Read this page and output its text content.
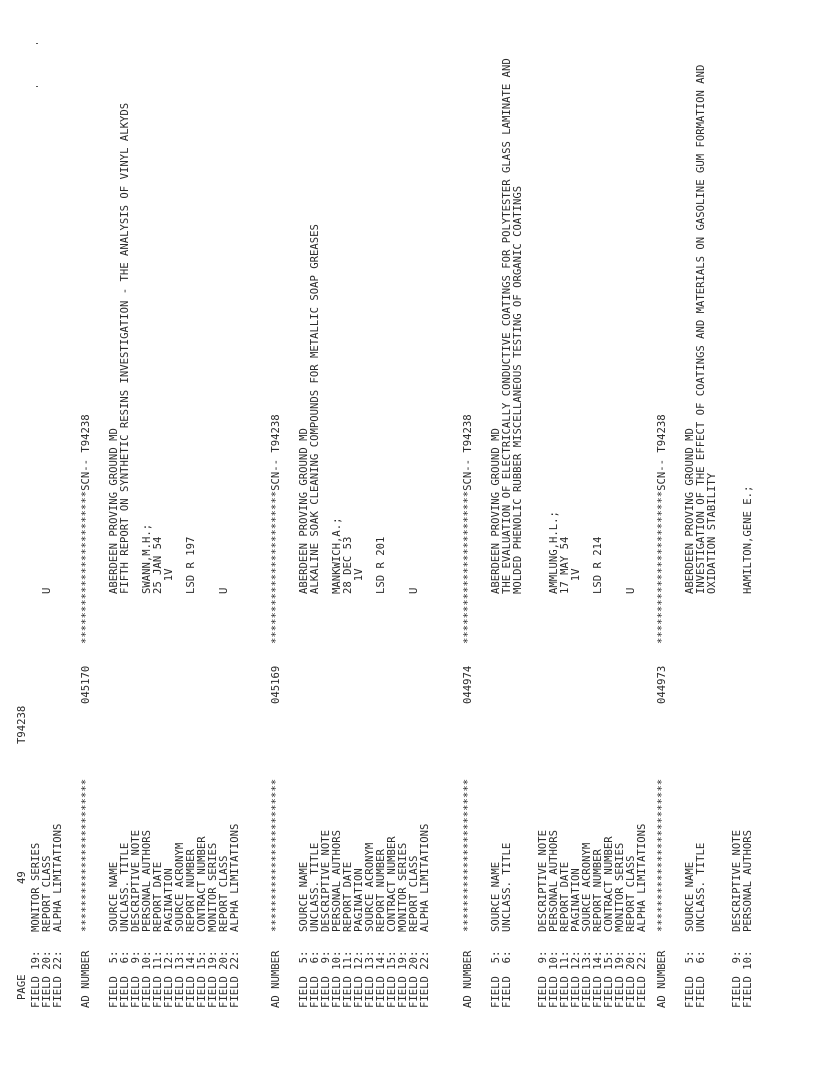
PAGE
49
T94238
FIELD 19:
MONITOR SERIES
FIELD 20:
REPORT CLASS
U
FIELD 22:
ALPHA LIMITATIONS
AD NUMBER
************************
045170
************************SCN-- T94238
FIELD  5:
SOURCE NAME
ABERDEEN PROVING GROUND MD
FIELD  6:
UNCLASS. TITLE
FIFTH REPORT ON SYNTHETIC RESINS INVESTIGATION - THE ANALYSIS OF VINYL ALKYDS
FIELD  9:
DESCRIPTIVE NOTE
FIELD 10:
PERSONAL AUTHORS
SWANN,M.H.;
FIELD 11:
REPORT DATE
25 JAN 54
FIELD 12:
PAGINATION
1V
FIELD 13:
SOURCE ACRONYM
FIELD 14:
REPORT NUMBER
LSD R 197
FIELD 15:
CONTRACT NUMBER
FIELD 19:
MONITOR SERIES
FIELD 20:
REPORT CLASS
U
FIELD 22:
ALPHA LIMITATIONS
AD NUMBER
************************
045169
************************SCN-- T94238
FIELD  5:
SOURCE NAME
ABERDEEN PROVING GROUND MD
FIELD  6:
UNCLASS. TITLE
ALKALINE SOAK CLEANING COMPOUNDS FOR METALLIC SOAP GREASES
FIELD  9:
DESCRIPTIVE NOTE
FIELD 10:
PERSONAL AUTHORS
MANKWICH,A.;
FIELD 11:
REPORT DATE
28 DEC 53
FIELD 12:
PAGINATION
1V
FIELD 13:
SOURCE ACRONYM
FIELD 14:
REPORT NUMBER
LSD R 201
FIELD 15:
CONTRACT NUMBER
FIELD 19:
MONITOR SERIES
FIELD 20:
REPORT CLASS
U
FIELD 22:
ALPHA LIMITATIONS
AD NUMBER
************************
044974
************************SCN-- T94238
FIELD  5:
SOURCE NAME
ABERDEEN PROVING GROUND MD
FIELD  6:
UNCLASS. TITLE
THE EVALUATION OF ELECTRICALLY CONDUCTIVE COATINGS FOR POLYTESTER GLASS LAMINATE AND MOLDED PHENOLIC RUBBER MISCELLANEOUS TESTING OF ORGANIC COATINGS
FIELD  9:
DESCRIPTIVE NOTE
FIELD 10:
PERSONAL AUTHORS
AMMLUNG,H.L.;
FIELD 11:
REPORT DATE
17 MAY 54
FIELD 12:
PAGINATION
1V
FIELD 13:
SOURCE ACRONYM
FIELD 14:
REPORT NUMBER
LSD R 214
FIELD 15:
CONTRACT NUMBER
FIELD 19:
MONITOR SERIES
FIELD 20:
REPORT CLASS
U
FIELD 22:
ALPHA LIMITATIONS
AD NUMBER
************************
044973
************************SCN-- T94238
FIELD  5:
SOURCE NAME
ABERDEEN PROVING GROUND MD
FIELD  6:
UNCLASS. TITLE
INVESTIGATION OF THE EFFECT OF COATINGS AND MATERIALS ON GASOLINE GUM FORMATION AND OXIDATION STABILITY
FIELD  9:
DESCRIPTIVE NOTE
FIELD 10:
PERSONAL AUTHORS
HAMILTON,GENE E.;
